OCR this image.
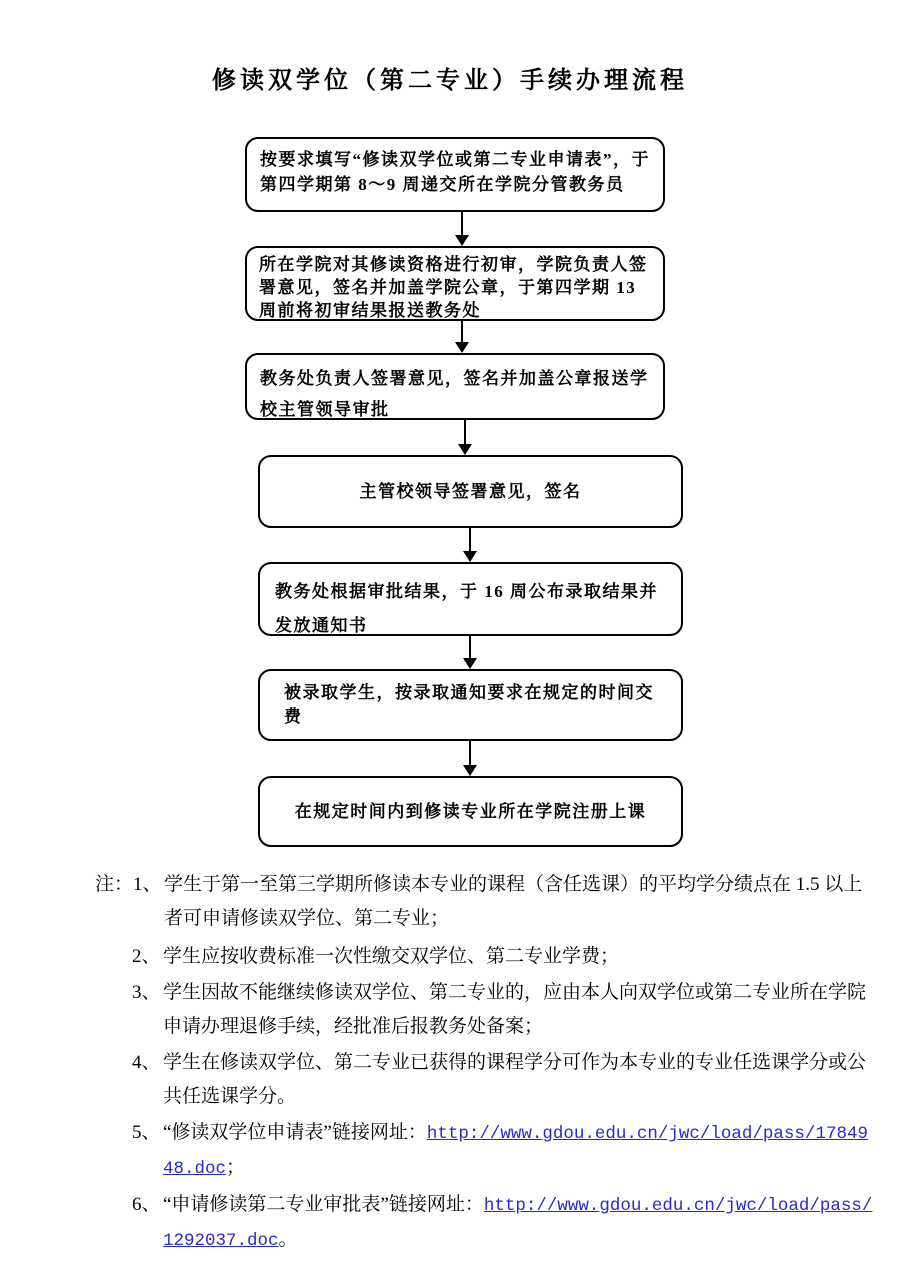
修读双学位（第二专业）手续办理流程
按要求填写“修读双学位或第二专业申请表”，于第四学期第 8～9 周递交所在学院分管教务员
所在学院对其修读资格进行初审，学院负责人签署意见，签名并加盖学院公章，于第四学期 13 周前将初审结果报送教务处
教务处负责人签署意见，签名并加盖公章报送学校主管领导审批
主管校领导签署意见，签名
教务处根据审批结果，于 16 周公布录取结果并发放通知书
被录取学生，按录取通知要求在规定的时间交费
在规定时间内到修读专业所在学院注册上课
注： 1、 学生于第一至第三学期所修读本专业的课程（含任选课）的平均学分绩点在 1.5 以上者可申请修读双学位、第二专业；
2、 学生应按收费标准一次性缴交双学位、第二专业学费；
3、 学生因故不能继续修读双学位、第二专业的，应由本人向双学位或第二专业所在学院申请办理退修手续，经批准后报教务处备案；
4、 学生在修读双学位、第二专业已获得的课程学分可作为本专业的专业任选课学分或公共任选课学分。
5、 “修读双学位申请表”链接网址：http://www.gdou.edu.cn/jwc/load/pass/1784948.doc；
6、 “申请修读第二专业审批表”链接网址：http://www.gdou.edu.cn/jwc/load/pass/1292037.doc。
